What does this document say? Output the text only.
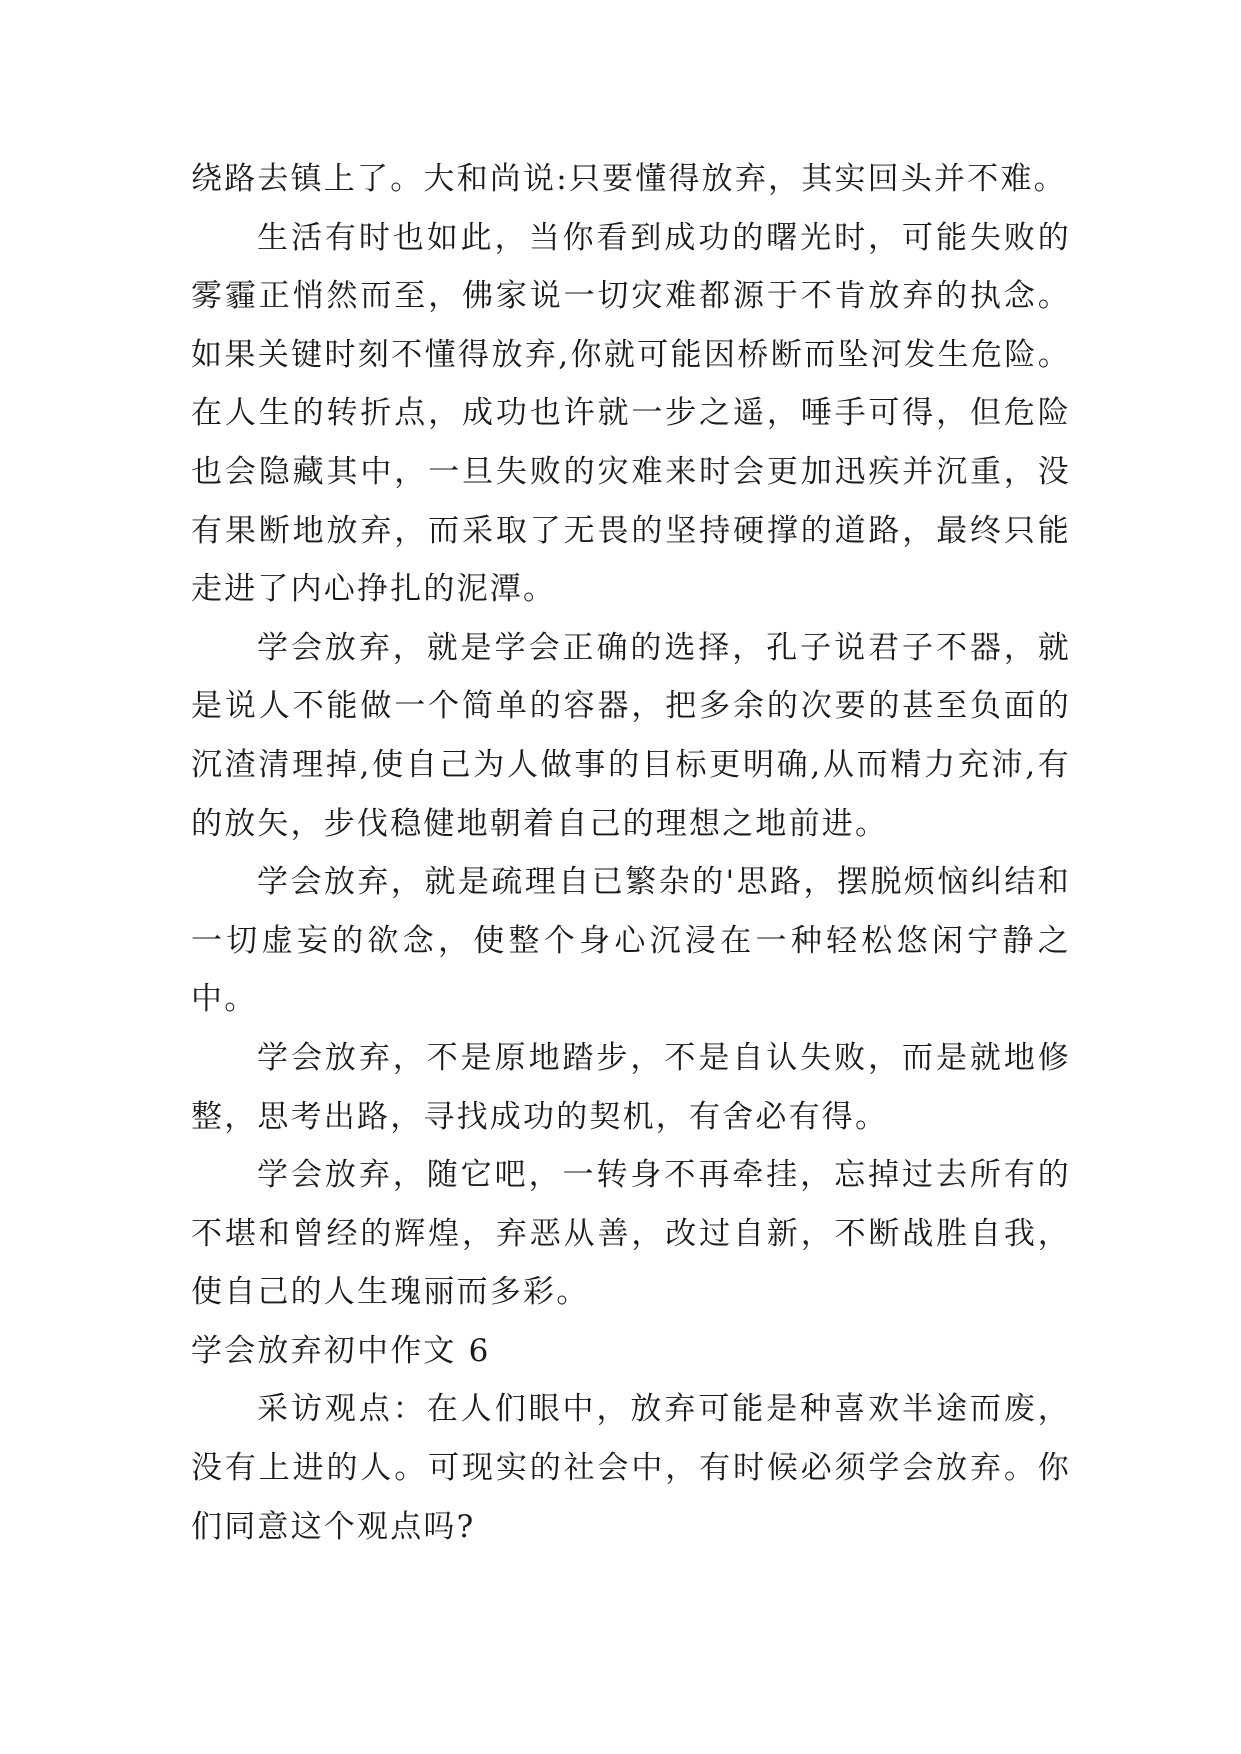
绕路去镇上了。大和尚说:只要懂得放弃，其实回头并不难。

生活有时也如此，当你看到成功的曙光时，可能失败的雾霾正悄然而至，佛家说一切灾难都源于不肯放弃的执念。如果关键时刻不懂得放弃,你就可能因桥断而坠河发生危险。在人生的转折点，成功也许就一步之遥，唾手可得，但危险也会隐藏其中，一旦失败的灾难来时会更加迅疾并沉重，没有果断地放弃，而采取了无畏的坚持硬撑的道路，最终只能走进了内心挣扎的泥潭。

学会放弃，就是学会正确的选择，孔子说君子不器，就是说人不能做一个简单的容器，把多余的次要的甚至负面的沉渣清理掉,使自己为人做事的目标更明确,从而精力充沛,有的放矢，步伐稳健地朝着自己的理想之地前进。

学会放弃，就是疏理自已繁杂的'思路，摆脱烦恼纠结和一切虚妄的欲念，使整个身心沉浸在一种轻松悠闲宁静之中。

学会放弃，不是原地踏步，不是自认失败，而是就地修整，思考出路，寻找成功的契机，有舍必有得。

学会放弃，随它吧，一转身不再牵挂，忘掉过去所有的不堪和曾经的辉煌，弃恶从善，改过自新，不断战胜自我，使自己的人生瑰丽而多彩。

学会放弃初中作文 6

采访观点：在人们眼中，放弃可能是种喜欢半途而废，没有上进的人。可现实的社会中，有时候必须学会放弃。你们同意这个观点吗?
